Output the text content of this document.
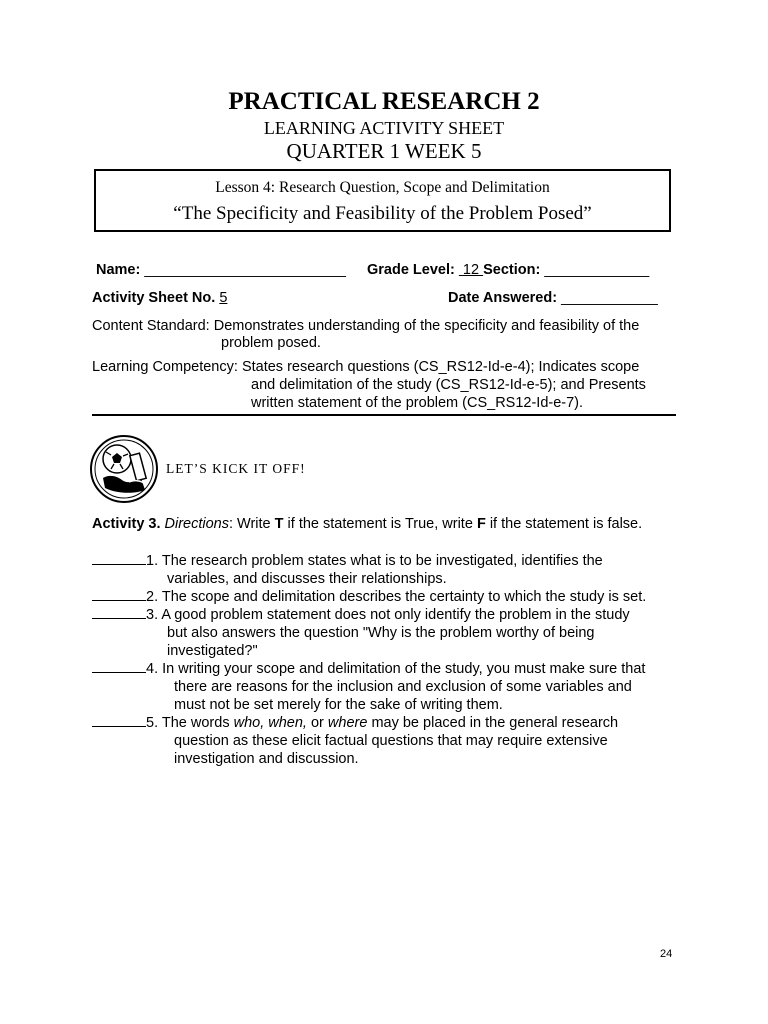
PRACTICAL RESEARCH 2
LEARNING ACTIVITY SHEET
QUARTER 1 WEEK 5
Lesson 4: Research Question, Scope and Delimitation
“The Specificity and Feasibility of the Problem Posed”
Name: _________________________ Grade Level: 12 Section: _____________
Activity Sheet No. 5	Date Answered: ____________
Content Standard: Demonstrates understanding of the specificity and feasibility of the
problem posed.
Learning Competency: States research questions (CS_RS12-Id-e-4); Indicates scope
and delimitation of the study (CS_RS12-Id-e-5); and Presents
written statement of the problem (CS_RS12-Id-e-7).
LET’S KICK IT OFF!
Activity 3. Directions: Write T if the statement is True, write F if the statement is false.
1. The research problem states what is to be investigated, identifies the
variables, and discusses their relationships.
2. The scope and delimitation describes the certainty to which the study is set.
3. A good problem statement does not only identify the problem in the study
but also answers the question "Why is the problem worthy of being
investigated?"
4. In writing your scope and delimitation of the study, you must make sure that
there are reasons for the inclusion and exclusion of some variables and
must not be set merely for the sake of writing them.
5. The words who, when, or where may be placed in the general research
question as these elicit factual questions that may require extensive
investigation and discussion.
24
